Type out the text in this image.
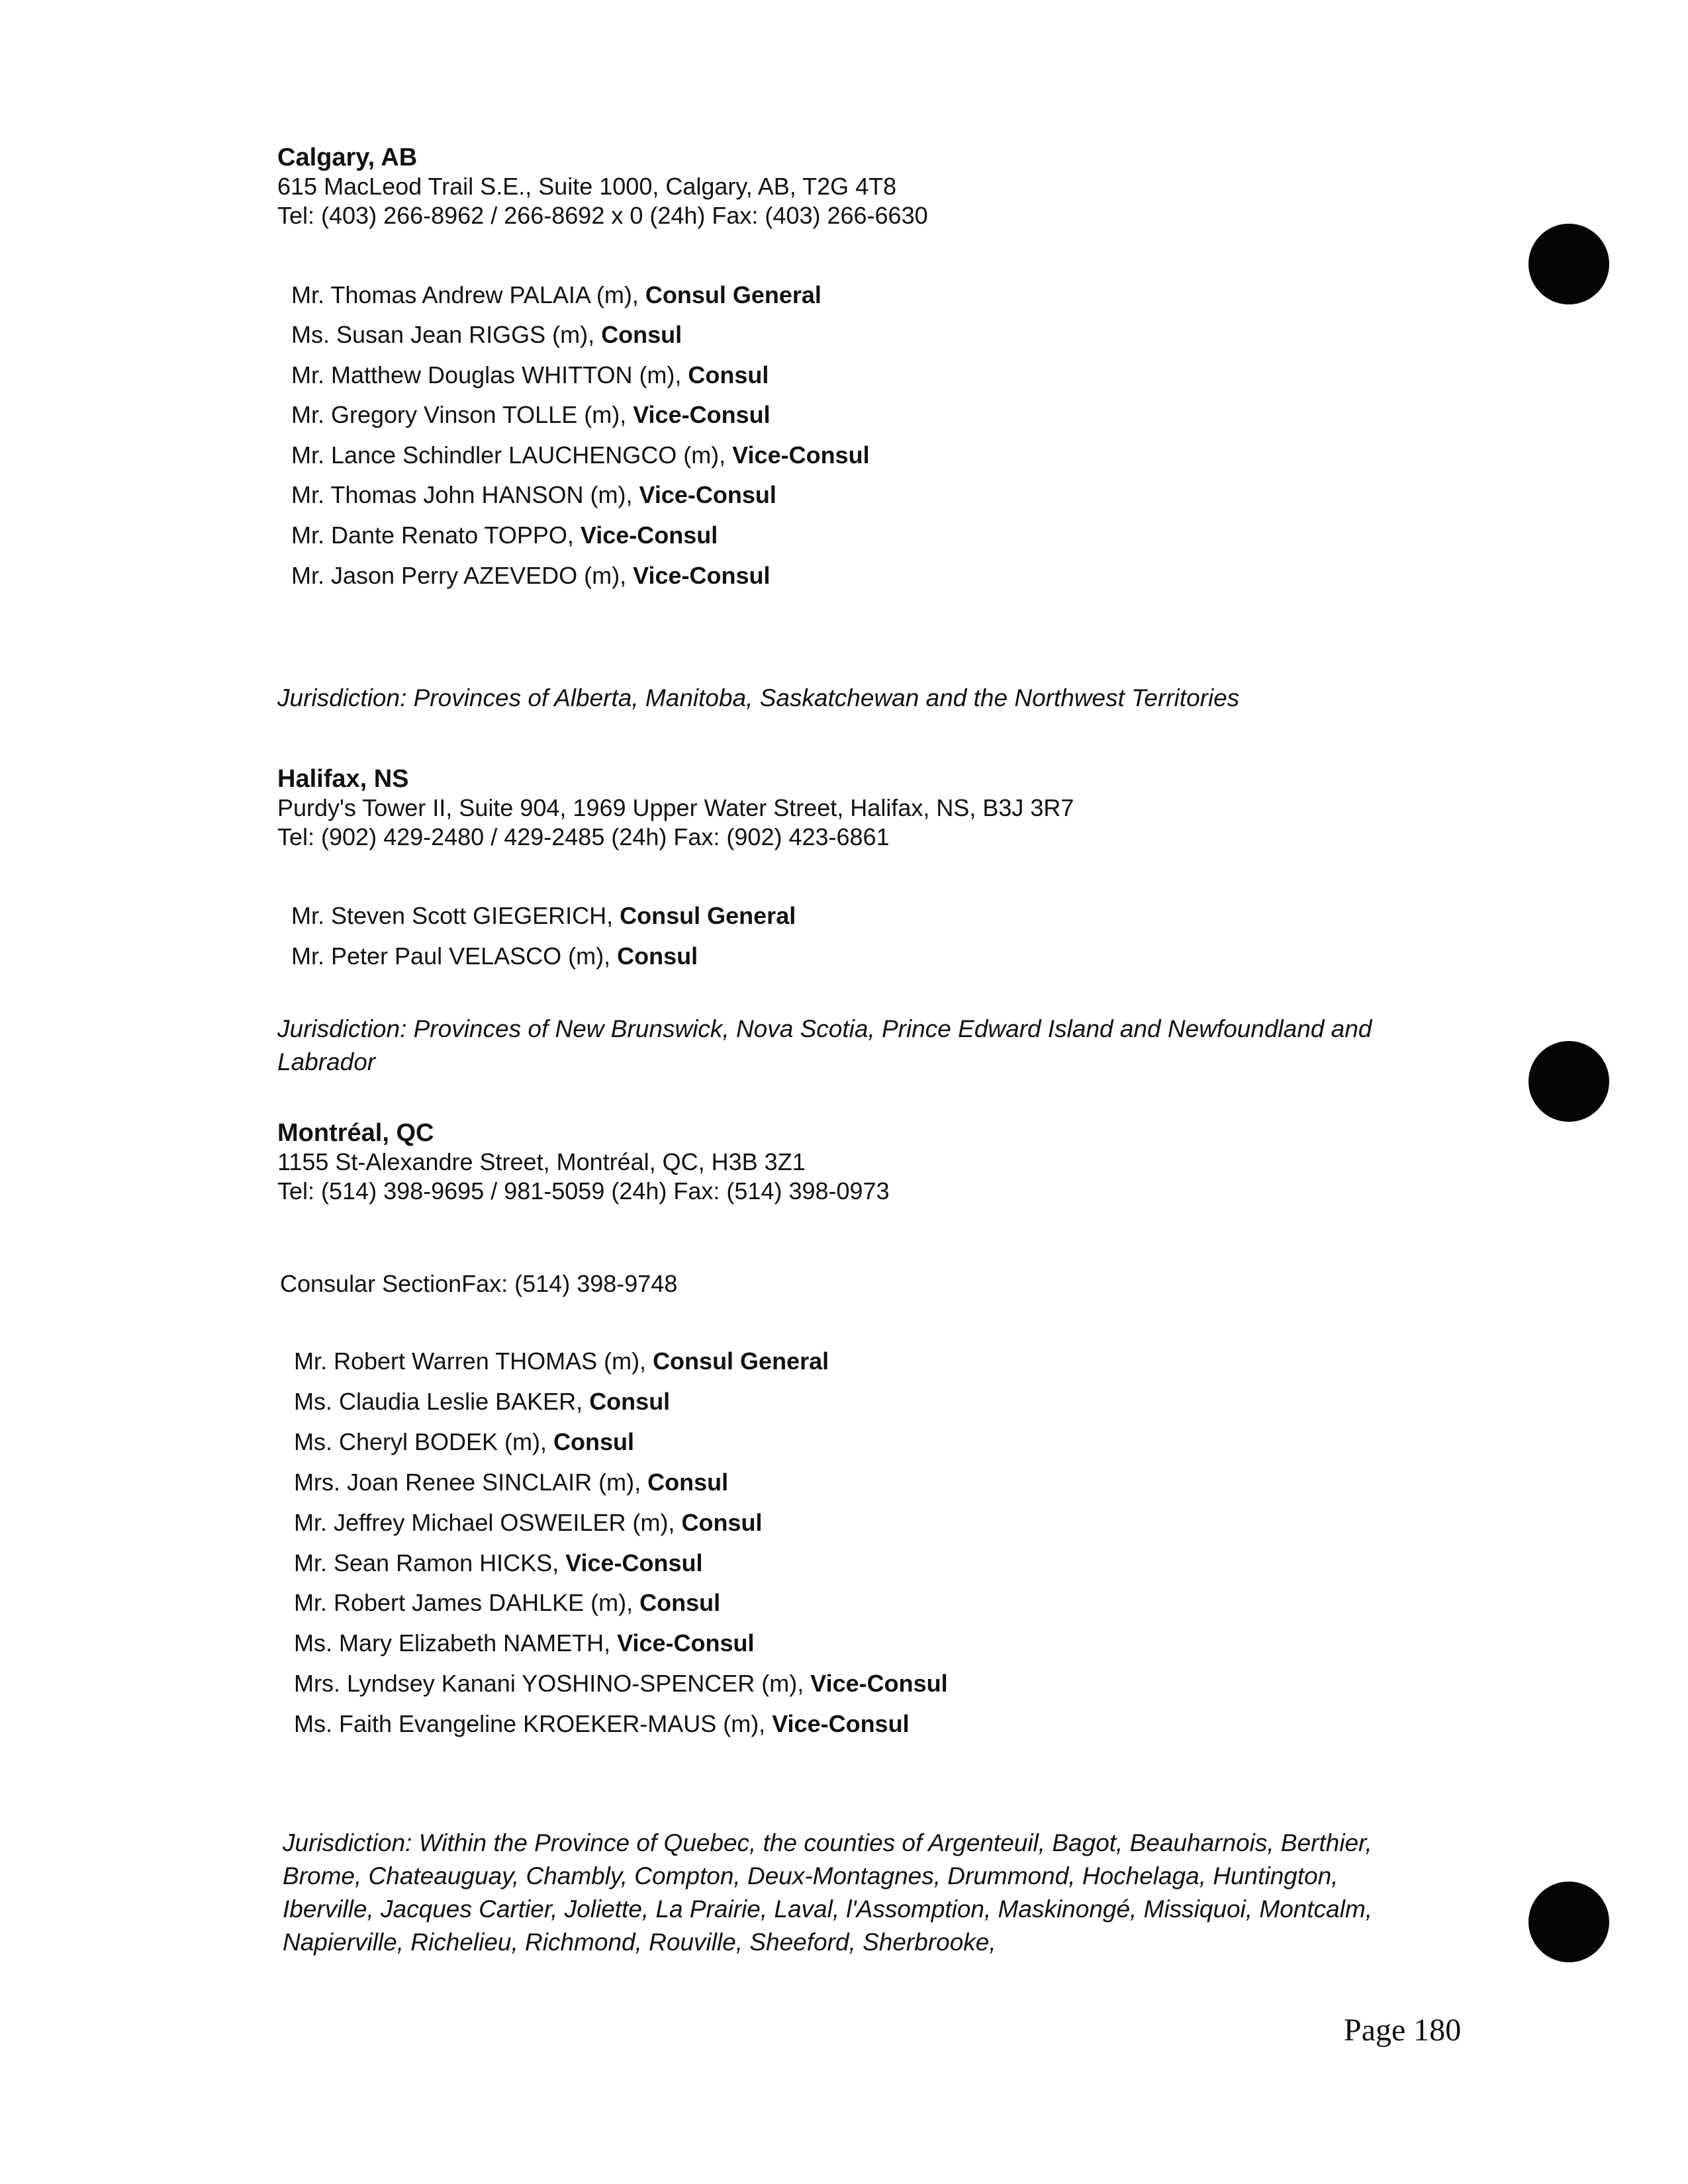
Calgary, AB
615 MacLeod Trail S.E., Suite 1000, Calgary, AB, T2G 4T8
Tel: (403) 266-8962 / 266-8692 x 0 (24h) Fax: (403) 266-6630
Mr. Thomas Andrew PALAIA (m), Consul General
Ms. Susan Jean RIGGS (m), Consul
Mr. Matthew Douglas WHITTON (m), Consul
Mr. Gregory Vinson TOLLE (m), Vice-Consul
Mr. Lance Schindler LAUCHENGCO (m), Vice-Consul
Mr. Thomas John HANSON (m), Vice-Consul
Mr. Dante Renato TOPPO, Vice-Consul
Mr. Jason Perry AZEVEDO (m), Vice-Consul
Jurisdiction: Provinces of Alberta, Manitoba, Saskatchewan and the Northwest Territories
Halifax, NS
Purdy's Tower II, Suite 904, 1969 Upper Water Street, Halifax, NS, B3J 3R7
Tel: (902) 429-2480 / 429-2485 (24h) Fax: (902) 423-6861
Mr. Steven Scott GIEGERICH, Consul General
Mr. Peter Paul VELASCO (m), Consul
Jurisdiction: Provinces of New Brunswick, Nova Scotia, Prince Edward Island and Newfoundland and Labrador
Montréal, QC
1155 St-Alexandre Street, Montréal, QC, H3B 3Z1
Tel: (514) 398-9695 / 981-5059 (24h) Fax: (514) 398-0973
Consular SectionFax: (514) 398-9748
Mr. Robert Warren THOMAS (m), Consul General
Ms. Claudia Leslie BAKER, Consul
Ms. Cheryl BODEK (m), Consul
Mrs. Joan Renee SINCLAIR (m), Consul
Mr. Jeffrey Michael OSWEILER (m), Consul
Mr. Sean Ramon HICKS, Vice-Consul
Mr. Robert James DAHLKE (m), Consul
Ms. Mary Elizabeth NAMETH, Vice-Consul
Mrs. Lyndsey Kanani YOSHINO-SPENCER (m), Vice-Consul
Ms. Faith Evangeline KROEKER-MAUS (m), Vice-Consul
Jurisdiction: Within the Province of Quebec, the counties of Argenteuil, Bagot, Beauharnois, Berthier, Brome, Chateauguay, Chambly, Compton, Deux-Montagnes, Drummond, Hochelaga, Huntington, Iberville, Jacques Cartier, Joliette, La Prairie, Laval, l'Assomption, Maskinongé, Missiquoi, Montcalm, Napierville, Richelieu, Richmond, Rouville, Sheeford, Sherbrooke,
Page 180
